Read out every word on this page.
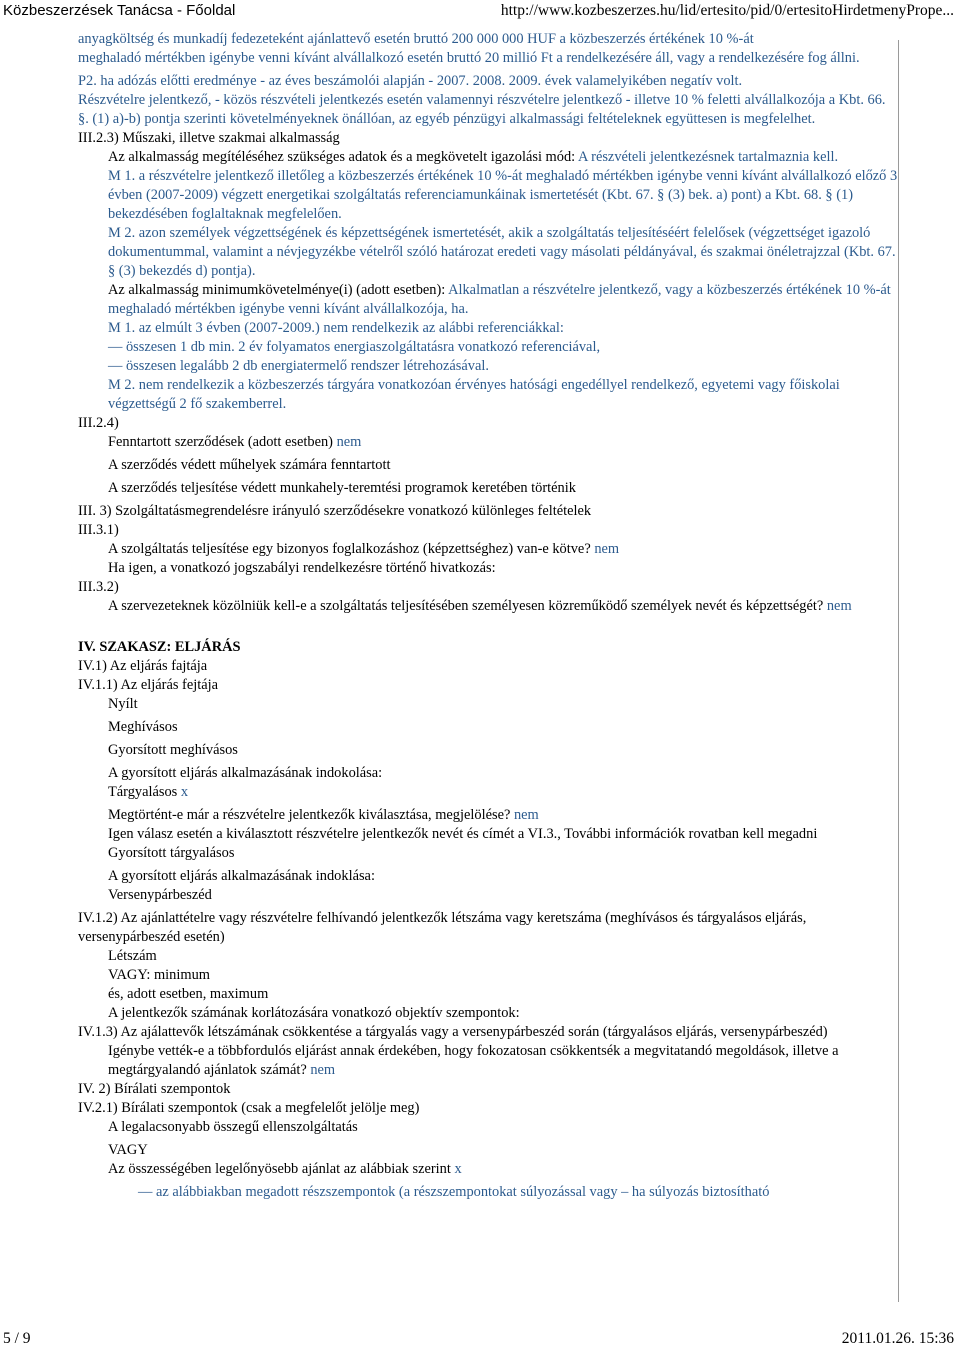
Közbeszerzések Tanácsa - Főoldal	http://www.kozbeszerzes.hu/lid/ertesito/pid/0/ertesitoHirdetmenyPrope...
anyagköltség és munkadíj fedezeteként ajánlattevő esetén bruttó 200 000 000 HUF a közbeszerzés értékének 10 %-át
meghaladó mértékben igénybe venni kívánt alvállalkozó esetén bruttó 20 millió Ft a rendelkezésére áll, vagy a rendelkezésére fog állni.
P2. ha adózás előtti eredménye - az éves beszámolói alapján - 2007. 2008. 2009. évek valamelyikében negatív volt.
Részvételre jelentkező, - közös részvételi jelentkezés esetén valamennyi részvételre jelentkező - illetve 10 % feletti alvállalkozója a Kbt. 66. §. (1) a)-b) pontja szerinti követelményeknek önállóan, az egyéb pénzügyi alkalmassági feltételeknek együttesen is megfelelhet.
III.2.3) Műszaki, illetve szakmai alkalmasság
Az alkalmasság megítéléséhez szükséges adatok és a megkövetelt igazolási mód: A részvételi jelentkezésnek tartalmaznia kell.
M 1. a részvételre jelentkező illetőleg a közbeszerzés értékének 10 %-át meghaladó mértékben igénybe venni kívánt alvállalkozó előző 3 évben (2007-2009) végzett energetikai szolgáltatás referenciamunkáinak ismertetését (Kbt. 67. § (3) bek. a) pont) a Kbt. 68. § (1) bekezdésében foglaltaknak megfelelően.
M 2. azon személyek végzettségének és képzettségének ismertetését, akik a szolgáltatás teljesítéséért felelősek (végzettséget igazoló dokumentummal, valamint a névjegyzékbe vételről szóló határozat eredeti vagy másolati példányával, és szakmai önéletrajzzal (Kbt. 67. § (3) bekezdés d) pontja).
Az alkalmasság minimumkövetelménye(i) (adott esetben): Alkalmatlan a részvételre jelentkező, vagy a közbeszerzés értékének 10 %-át meghaladó mértékben igénybe venni kívánt alvállalkozója, ha.
M 1. az elmúlt 3 évben (2007-2009.) nem rendelkezik az alábbi referenciákkal:
— összesen 1 db min. 2 év folyamatos energiaszolgáltatásra vonatkozó referenciával,
— összesen legalább 2 db energiatermelő rendszer létrehozásával.
M 2. nem rendelkezik a közbeszerzés tárgyára vonatkozóan érvényes hatósági engedéllyel rendelkező, egyetemi vagy főiskolai végzettségű 2 fő szakemberrel.
III.2.4)
Fenntartott szerződések (adott esetben) nem
A szerződés védett műhelyek számára fenntartott
A szerződés teljesítése védett munkahely-teremtési programok keretében történik
III. 3) Szolgáltatásmegrendelésre irányuló szerződésekre vonatkozó különleges feltételek
III.3.1)
A szolgáltatás teljesítése egy bizonyos foglalkozáshoz (képzettséghez) van-e kötve? nem
Ha igen, a vonatkozó jogszabályi rendelkezésre történő hivatkozás:
III.3.2)
A szervezeteknek közölniük kell-e a szolgáltatás teljesítésében személyesen közreműködő személyek nevét és képzettségét? nem
IV. SZAKASZ: ELJÁRÁS
IV.1) Az eljárás fajtája
IV.1.1) Az eljárás fejtája
Nyílt
Meghívásos
Gyorsított meghívásos
A gyorsított eljárás alkalmazásának indokolása:
Tárgyalásos x
Megtörtént-e már a részvételre jelentkezők kiválasztása, megjelölése? nem
Igen válasz esetén a kiválasztott részvételre jelentkezők nevét és címét a VI.3., További információk rovatban kell megadni
Gyorsított tárgyalásos
A gyorsított eljárás alkalmazásának indoklása:
Versenypárbeszéd
IV.1.2) Az ajánlattételre vagy részvételre felhívandó jelentkezők létszáma vagy keretszáma (meghívásos és tárgyalásos eljárás, versenypárbeszéd esetén)
Létszám
VAGY: minimum
és, adott esetben, maximum
A jelentkezők számának korlátozására vonatkozó objektív szempontok:
IV.1.3) Az ajálattevők létszámának csökkentése a tárgyalás vagy a versenypárbeszéd során (tárgyalásos eljárás, versenypárbeszéd)
Igénybe vették-e a többfordulós eljárást annak érdekében, hogy fokozatosan csökkentsék a megvitatandó megoldások, illetve a megtárgyalandó ajánlatok számát? nem
IV. 2) Bírálati szempontok
IV.2.1) Bírálati szempontok (csak a megfelelőt jelölje meg)
A legalacsonyabb összegű ellenszolgáltatás
VAGY
Az összességében legelőnyösebb ajánlat az alábbiak szerint x
— az alábbiakban megadott részszempontok (a részszempontokat súlyozással vagy – ha súlyozás biztosítható
5 / 9	2011.01.26. 15:36
